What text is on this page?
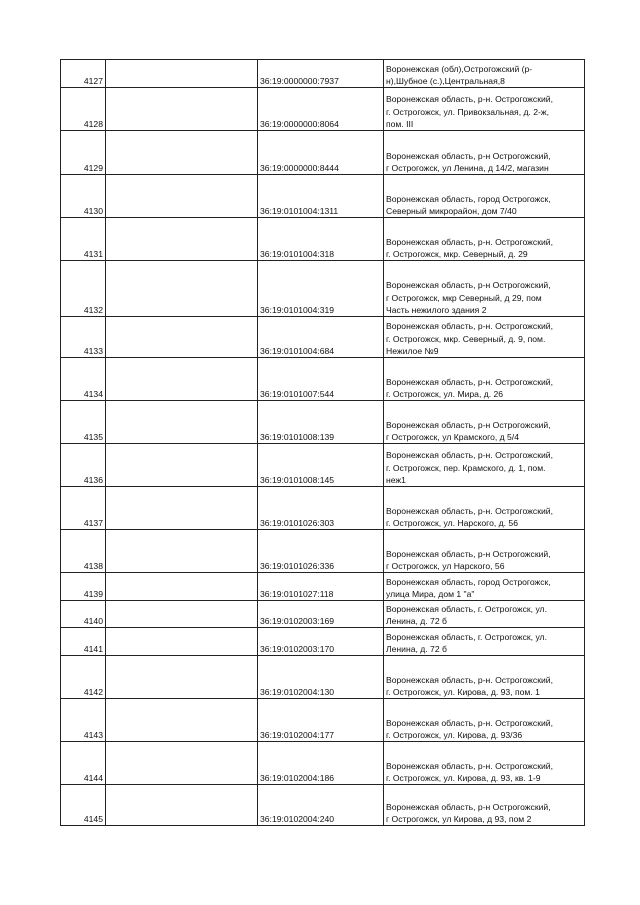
4127		36:19:0000000:7937	Воронежская (обл),Острогожский (р-
н),Шубное (с.),Центральная,8
4128		36:19:0000000:8064	Воронежская область, р-н. Острогожский,
г. Острогожск, ул. Привокзальная, д. 2-ж,
пом. III
4129		36:19:0000000:8444	Воронежская область, р-н Острогожский,
г Острогожск, ул Ленина, д 14/2, магазин
4130		36:19:0101004:1311	Воронежская область, город Острогожск,
Северный микрорайон, дом 7/40
4131		36:19:0101004:318	Воронежская область, р-н. Острогожский,
г. Острогожск, мкр. Северный, д. 29
4132		36:19:0101004:319	Воронежская область, р-н Острогожский,
г Острогожск, мкр Северный, д 29, пом
Часть нежилого здания 2
4133		36:19:0101004:684	Воронежская область, р-н. Острогожский,
г. Острогожск, мкр. Северный, д. 9, пом.
Нежилое №9
4134		36:19:0101007:544	Воронежская область, р-н. Острогожский,
г. Острогожск, ул. Мира, д. 26
4135		36:19:0101008:139	Воронежская область, р-н Острогожский,
г Острогожск, ул Крамского, д 5/4
4136		36:19:0101008:145	Воронежская область, р-н. Острогожский,
г. Острогожск, пер. Крамского, д. 1, пом.
неж1
4137		36:19:0101026:303	Воронежская область, р-н. Острогожский,
г. Острогожск, ул. Нарского, д. 56
4138		36:19:0101026:336	Воронежская область, р-н Острогожский,
г Острогожск, ул Нарского, 56
4139		36:19:0101027:118	Воронежская область, город Острогожск,
улица Мира, дом 1 "а"
4140		36:19:0102003:169	Воронежская область, г. Острогожск, ул.
Ленина, д. 72 б
4141		36:19:0102003:170	Воронежская область, г. Острогожск, ул.
Ленина, д. 72 б
4142		36:19:0102004:130	Воронежская область, р-н. Острогожский,
г. Острогожск, ул. Кирова, д. 93, пом. 1
4143		36:19:0102004:177	Воронежская область, р-н. Острогожский,
г. Острогожск, ул. Кирова, д. 93/36
4144		36:19:0102004:186	Воронежская область, р-н. Острогожский,
г. Острогожск, ул. Кирова, д. 93, кв. 1-9
4145		36:19:0102004:240	Воронежская область, р-н Острогожский,
г Острогожск, ул Кирова, д 93, пом 2
